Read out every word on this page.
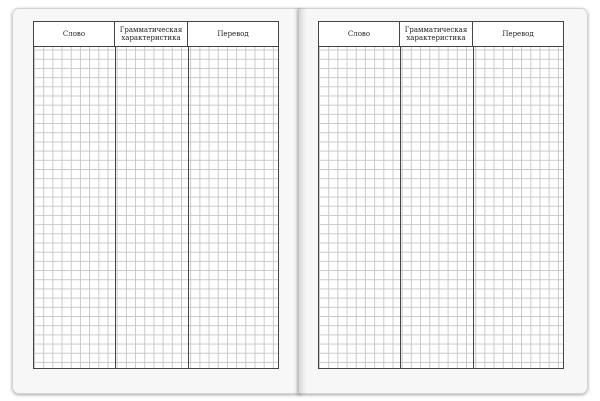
Слово	Грамматическая характеристика	Перевод	Слово	Грамматическая характеристика	Перевод
